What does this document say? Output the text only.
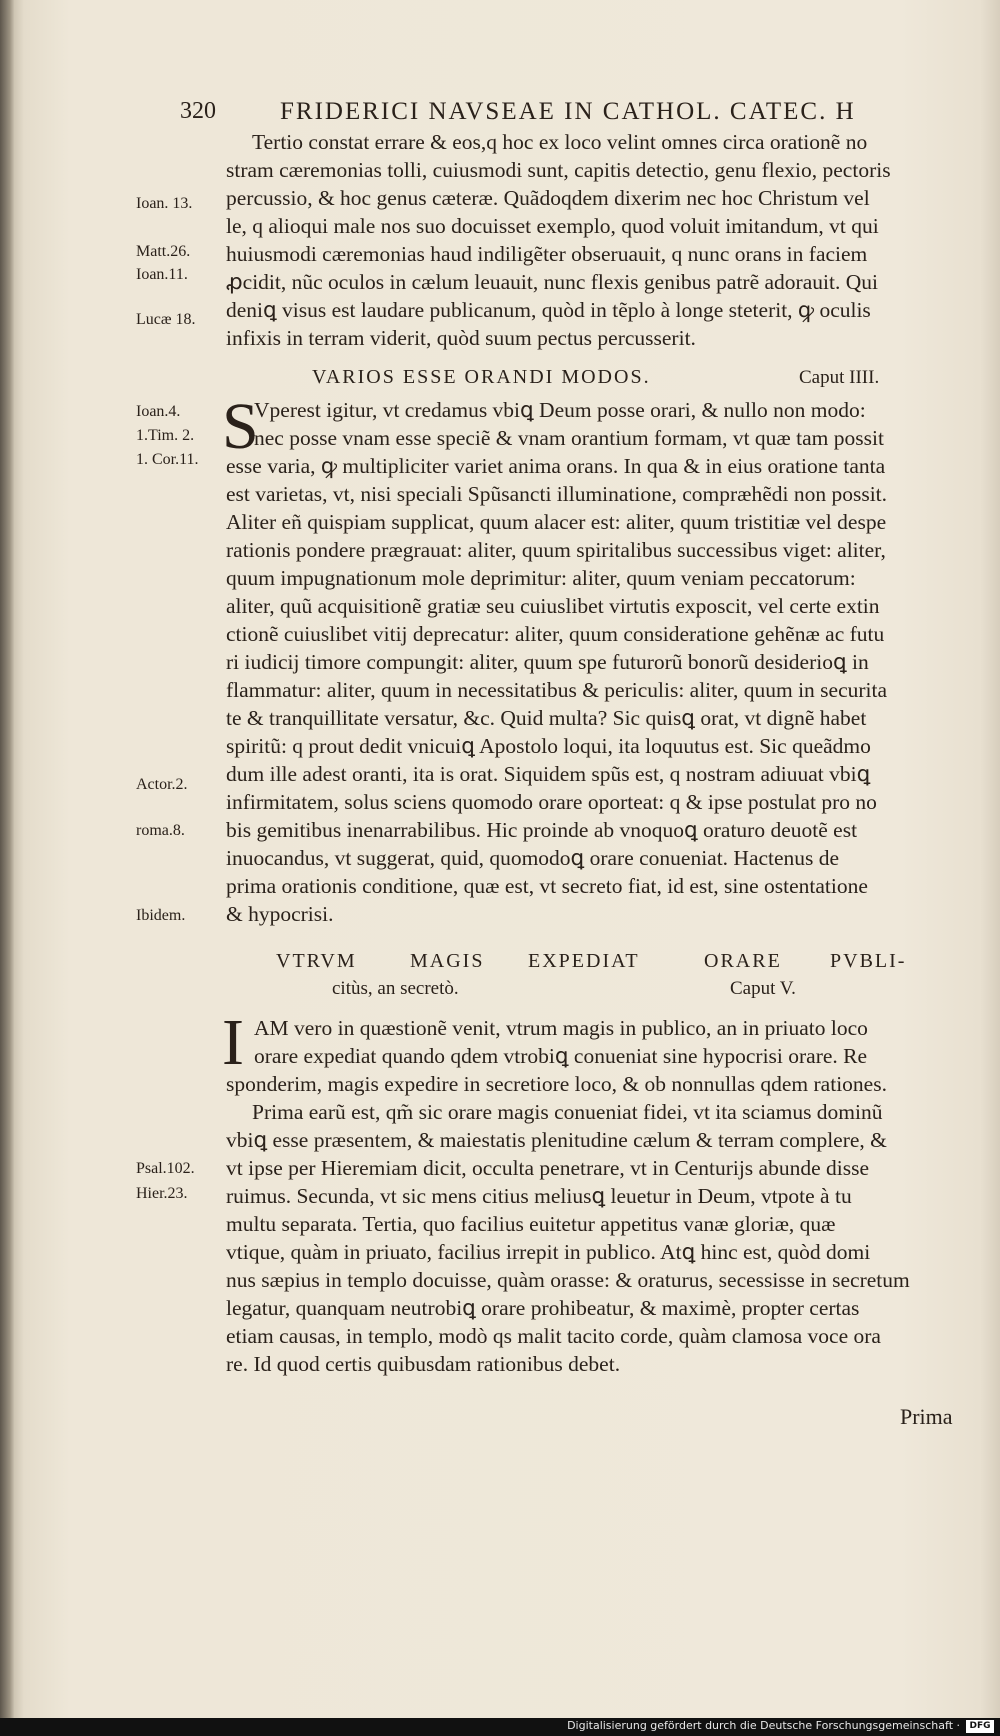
320	FRIDERICI NAVSEAE IN CATHOL. CATEC. H
Ioan. 13.
Matt.26.
Ioan.11.
Lucæ 18.
Ioan.4.
1.Tim. 2.
1. Cor.11.
Actor.2.
roma.8.
Ibidem.
Psal.102.
Hier.23.
Tertio constat errare & eos,q hoc ex loco velint omnes circa orationẽ no
stram cæremonias tolli, cuiusmodi sunt, capitis detectio, genu flexio, pectoris
percussio, & hoc genus cæteræ. Quãdoqdem dixerim nec hoc Christum vel
le, q alioqui male nos suo docuisset exemplo, quod voluit imitandum, vt qui
huiusmodi cæremonias haud indiligẽter obseruauit, q nunc orans in faciem
ꝓcidit, nũc oculos in cælum leuauit, nunc flexis genibus patrẽ adorauit. Qui
deniꝗ visus est laudare publicanum, quòd in tẽplo à longe steterit, ꝙ oculis
infixis in terram viderit, quòd suum pectus percusserit.
VARIOS ESSE ORANDI MODOS.	Caput IIII.
S
Vperest igitur, vt credamus vbiꝗ Deum posse orari, & nullo non modo:
nec posse vnam esse speciẽ & vnam orantium formam, vt quæ tam possit
esse varia, ꝙ multipliciter variet anima orans. In qua & in eius oratione tanta
est varietas, vt, nisi speciali Spũsancti illuminatione, compræhẽdi non possit.
Aliter eñ quispiam supplicat, quum alacer est: aliter, quum tristitiæ vel despe
rationis pondere prægrauat: aliter, quum spiritalibus successibus viget: aliter,
quum impugnationum mole deprimitur: aliter, quum veniam peccatorum:
aliter, quũ acquisitionẽ gratiæ seu cuiuslibet virtutis exposcit, vel certe extin
ctionẽ cuiuslibet vitij deprecatur: aliter, quum consideratione gehẽnæ ac futu
ri iudicij timore compungit: aliter, quum spe futurorũ bonorũ desiderioꝗ in
flammatur: aliter, quum in necessitatibus & periculis: aliter, quum in securita
te & tranquillitate versatur, &c. Quid multa? Sic quisꝗ orat, vt dignẽ habet
spiritũ: q prout dedit vnicuiꝗ Apostolo loqui, ita loquutus est. Sic queãdmo
dum ille adest oranti, ita is orat. Siquidem spũs est, q nostram adiuuat vbiꝗ
infirmitatem, solus sciens quomodo orare oporteat: q & ipse postulat pro no
bis gemitibus inenarrabilibus. Hic proinde ab vnoquoꝗ oraturo deuotẽ est
inuocandus, vt suggerat, quid, quomodoꝗ orare conueniat. Hactenus de
prima orationis conditione, quæ est, vt secreto fiat, id est, sine ostentatione
& hypocrisi.
VTRVM	MAGIS EXPEDIAT	ORARE PVBLI-
citùs, an secretò.	Caput V.
I AM vero in quæstionẽ venit, vtrum magis in publico, an in priuato loco
orare expediat quando qdem vtrobiꝗ conueniat sine hypocrisi orare. Re
sponderim, magis expedire in secretiore loco, & ob nonnullas qdem rationes.
Prima earũ est, qm̃ sic orare magis conueniat fidei, vt ita sciamus dominũ
vbiꝗ esse præsentem, & maiestatis plenitudine cælum & terram complere, &
vt ipse per Hieremiam dicit, occulta penetrare, vt in Centurijs abunde disse
ruimus. Secunda, vt sic mens citius meliusꝗ leuetur in Deum, vtpote à tu
multu separata. Tertia, quo facilius euitetur appetitus vanæ gloriæ, quæ
vtique, quàm in priuato, facilius irrepit in publico. Atꝗ hinc est, quòd domi
nus sæpius in templo docuisse, quàm orasse: & oraturus, secessisse in secretum
legatur, quanquam neutrobiꝗ orare prohibeatur, & maximè, propter certas
etiam causas, in templo, modò qs malit tacito corde, quàm clamosa voce ora
re. Id quod certis quibusdam rationibus debet.
Prima
Digitalisierung gefördert durch die Deutsche Forschungsgemeinschaft ·	DFG
